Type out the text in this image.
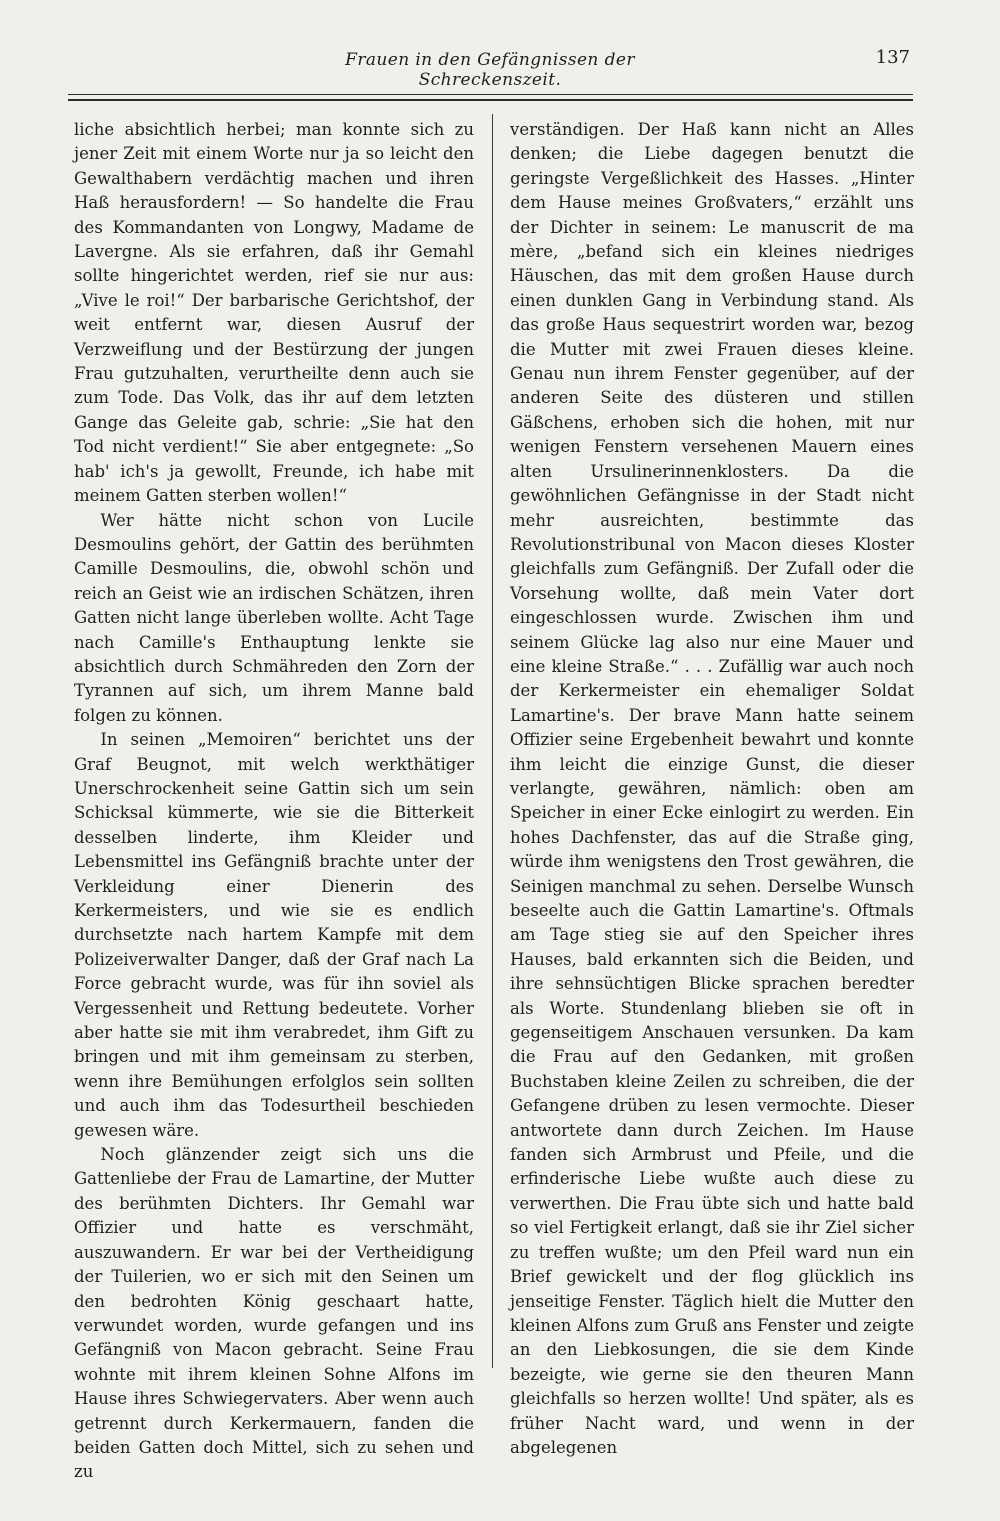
Frauen in den Gefängnissen der Schreckenszeit.
137

liche absichtlich herbei; man konnte sich zu jener Zeit mit einem Worte nur ja so leicht den Gewalthabern verdächtig machen und ihren Haß herausfordern! — So handelte die Frau des Kommandanten von Longwy, Madame de Lavergne. Als sie erfahren, daß ihr Gemahl sollte hingerichtet werden, rief sie nur aus: „Vive le roi!“ Der barbarische Gerichtshof, der weit entfernt war, diesen Ausruf der Verzweiflung und der Bestürzung der jungen Frau gutzuhalten, verurtheilte denn auch sie zum Tode. Das Volk, das ihr auf dem letzten Gange das Geleite gab, schrie: „Sie hat den Tod nicht verdient!“ Sie aber entgegnete: „So hab' ich's ja gewollt, Freunde, ich habe mit meinem Gatten sterben wollen!“

Wer hätte nicht schon von Lucile Desmoulins gehört, der Gattin des berühmten Camille Desmoulins, die, obwohl schön und reich an Geist wie an irdischen Schätzen, ihren Gatten nicht lange überleben wollte. Acht Tage nach Camille's Enthauptung lenkte sie absichtlich durch Schmähreden den Zorn der Tyrannen auf sich, um ihrem Manne bald folgen zu können.

In seinen „Memoiren“ berichtet uns der Graf Beugnot, mit welch werkthätiger Unerschrockenheit seine Gattin sich um sein Schicksal kümmerte, wie sie die Bitterkeit desselben linderte, ihm Kleider und Lebensmittel ins Gefängniß brachte unter der Verkleidung einer Dienerin des Kerkermeisters, und wie sie es endlich durchsetzte nach hartem Kampfe mit dem Polizeiverwalter Danger, daß der Graf nach La Force gebracht wurde, was für ihn soviel als Vergessenheit und Rettung bedeutete. Vorher aber hatte sie mit ihm verabredet, ihm Gift zu bringen und mit ihm gemeinsam zu sterben, wenn ihre Bemühungen erfolglos sein sollten und auch ihm das Todesurtheil beschieden gewesen wäre.

Noch glänzender zeigt sich uns die Gattenliebe der Frau de Lamartine, der Mutter des berühmten Dichters. Ihr Gemahl war Offizier und hatte es verschmäht, auszuwandern. Er war bei der Vertheidigung der Tuilerien, wo er sich mit den Seinen um den bedrohten König geschaart hatte, verwundet worden, wurde gefangen und ins Gefängniß von Macon gebracht. Seine Frau wohnte mit ihrem kleinen Sohne Alfons im Hause ihres Schwiegervaters. Aber wenn auch getrennt durch Kerkermauern, fanden die beiden Gatten doch Mittel, sich zu sehen und zu

verständigen. Der Haß kann nicht an Alles denken; die Liebe dagegen benutzt die geringste Vergeßlichkeit des Hasses. „Hinter dem Hause meines Großvaters,“ erzählt uns der Dichter in seinem: Le manuscrit de ma mère, „befand sich ein kleines niedriges Häuschen, das mit dem großen Hause durch einen dunklen Gang in Verbindung stand. Als das große Haus sequestrirt worden war, bezog die Mutter mit zwei Frauen dieses kleine. Genau nun ihrem Fenster gegenüber, auf der anderen Seite des düsteren und stillen Gäßchens, erhoben sich die hohen, mit nur wenigen Fenstern versehenen Mauern eines alten Ursulinerinnenklosters. Da die gewöhnlichen Gefängnisse in der Stadt nicht mehr ausreichten, bestimmte das Revolutionstribunal von Macon dieses Kloster gleichfalls zum Gefängniß. Der Zufall oder die Vorsehung wollte, daß mein Vater dort eingeschlossen wurde. Zwischen ihm und seinem Glücke lag also nur eine Mauer und eine kleine Straße.“ . . . Zufällig war auch noch der Kerkermeister ein ehemaliger Soldat Lamartine's. Der brave Mann hatte seinem Offizier seine Ergebenheit bewahrt und konnte ihm leicht die einzige Gunst, die dieser verlangte, gewähren, nämlich: oben am Speicher in einer Ecke einlogirt zu werden. Ein hohes Dachfenster, das auf die Straße ging, würde ihm wenigstens den Trost gewähren, die Seinigen manchmal zu sehen. Derselbe Wunsch beseelte auch die Gattin Lamartine's. Oftmals am Tage stieg sie auf den Speicher ihres Hauses, bald erkannten sich die Beiden, und ihre sehnsüchtigen Blicke sprachen beredter als Worte. Stundenlang blieben sie oft in gegenseitigem Anschauen versunken. Da kam die Frau auf den Gedanken, mit großen Buchstaben kleine Zeilen zu schreiben, die der Gefangene drüben zu lesen vermochte. Dieser antwortete dann durch Zeichen. Im Hause fanden sich Armbrust und Pfeile, und die erfinderische Liebe wußte auch diese zu verwerthen. Die Frau übte sich und hatte bald so viel Fertigkeit erlangt, daß sie ihr Ziel sicher zu treffen wußte; um den Pfeil ward nun ein Brief gewickelt und der flog glücklich ins jenseitige Fenster. Täglich hielt die Mutter den kleinen Alfons zum Gruß ans Fenster und zeigte an den Liebkosungen, die sie dem Kinde bezeigte, wie gerne sie den theuren Mann gleichfalls so herzen wollte! Und später, als es früher Nacht ward, und wenn in der abgelegenen
